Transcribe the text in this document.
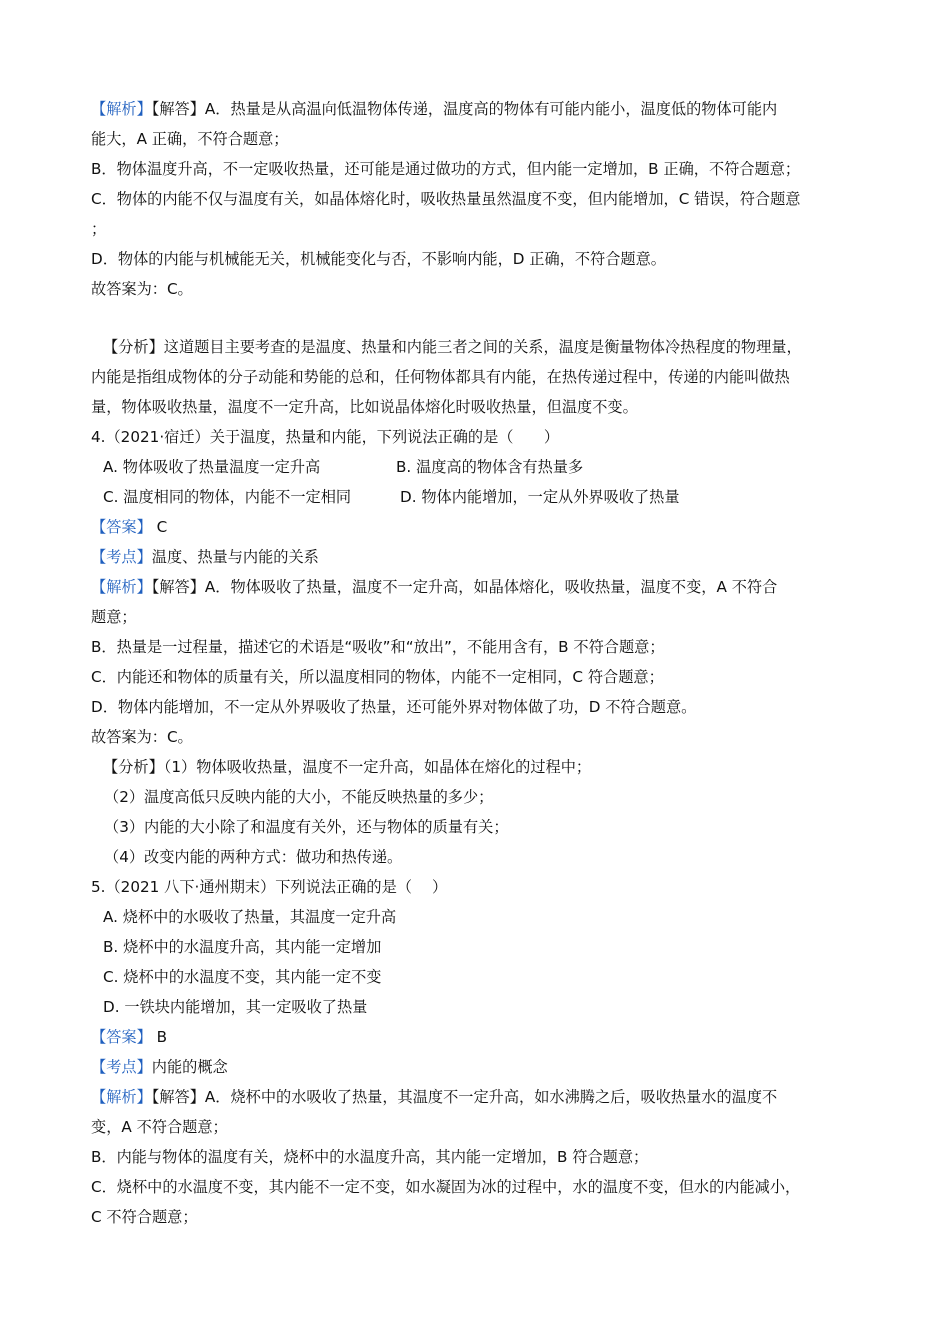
【解析】【解答】A．热量是从高温向低温物体传递，温度高的物体有可能内能小，温度低的物体可能内
能大，A 正确，不符合题意；
B．物体温度升高，不一定吸收热量，还可能是通过做功的方式，但内能一定增加，B 正确，不符合题意；
C．物体的内能不仅与温度有关，如晶体熔化时，吸收热量虽然温度不变，但内能增加，C 错误，符合题意
；
D．物体的内能与机械能无关，机械能变化与否，不影响内能，D 正确，不符合题意。
故答案为：C。
【分析】这道题目主要考查的是温度、热量和内能三者之间的关系，温度是衡量物体冷热程度的物理量，
内能是指组成物体的分子动能和势能的总和，任何物体都具有内能，在热传递过程中，传递的内能叫做热
量，物体吸收热量，温度不一定升高，比如说晶体熔化时吸收热量，但温度不变。
4.（2021·宿迁）关于温度，热量和内能，下列说法正确的是（　　）
A. 物体吸收了热量温度一定升高	B. 温度高的物体含有热量多
C. 温度相同的物体，内能不一定相同	D. 物体内能增加，一定从外界吸收了热量
【答案】 C
【考点】温度、热量与内能的关系
【解析】【解答】A．物体吸收了热量，温度不一定升高，如晶体熔化，吸收热量，温度不变，A 不符合
题意；
B．热量是一过程量，描述它的术语是“吸收”和“放出”，不能用含有，B 不符合题意；
C．内能还和物体的质量有关，所以温度相同的物体，内能不一定相同，C 符合题意；
D．物体内能增加，不一定从外界吸收了热量，还可能外界对物体做了功，D 不符合题意。
故答案为：C。
【分析】（1）物体吸收热量，温度不一定升高，如晶体在熔化的过程中；
（2）温度高低只反映内能的大小，不能反映热量的多少；
（3）内能的大小除了和温度有关外，还与物体的质量有关；
（4）改变内能的两种方式：做功和热传递。
5.（2021 八下·通州期末）下列说法正确的是（　 ）
A. 烧杯中的水吸收了热量，其温度一定升高
B. 烧杯中的水温度升高，其内能一定增加
C. 烧杯中的水温度不变，其内能一定不变
D. 一铁块内能增加，其一定吸收了热量
【答案】 B
【考点】内能的概念
【解析】【解答】A．烧杯中的水吸收了热量，其温度不一定升高，如水沸腾之后，吸收热量水的温度不
变，A 不符合题意；
B．内能与物体的温度有关，烧杯中的水温度升高，其内能一定增加，B 符合题意；
C．烧杯中的水温度不变，其内能不一定不变，如水凝固为冰的过程中，水的温度不变，但水的内能减小，
C 不符合题意；
